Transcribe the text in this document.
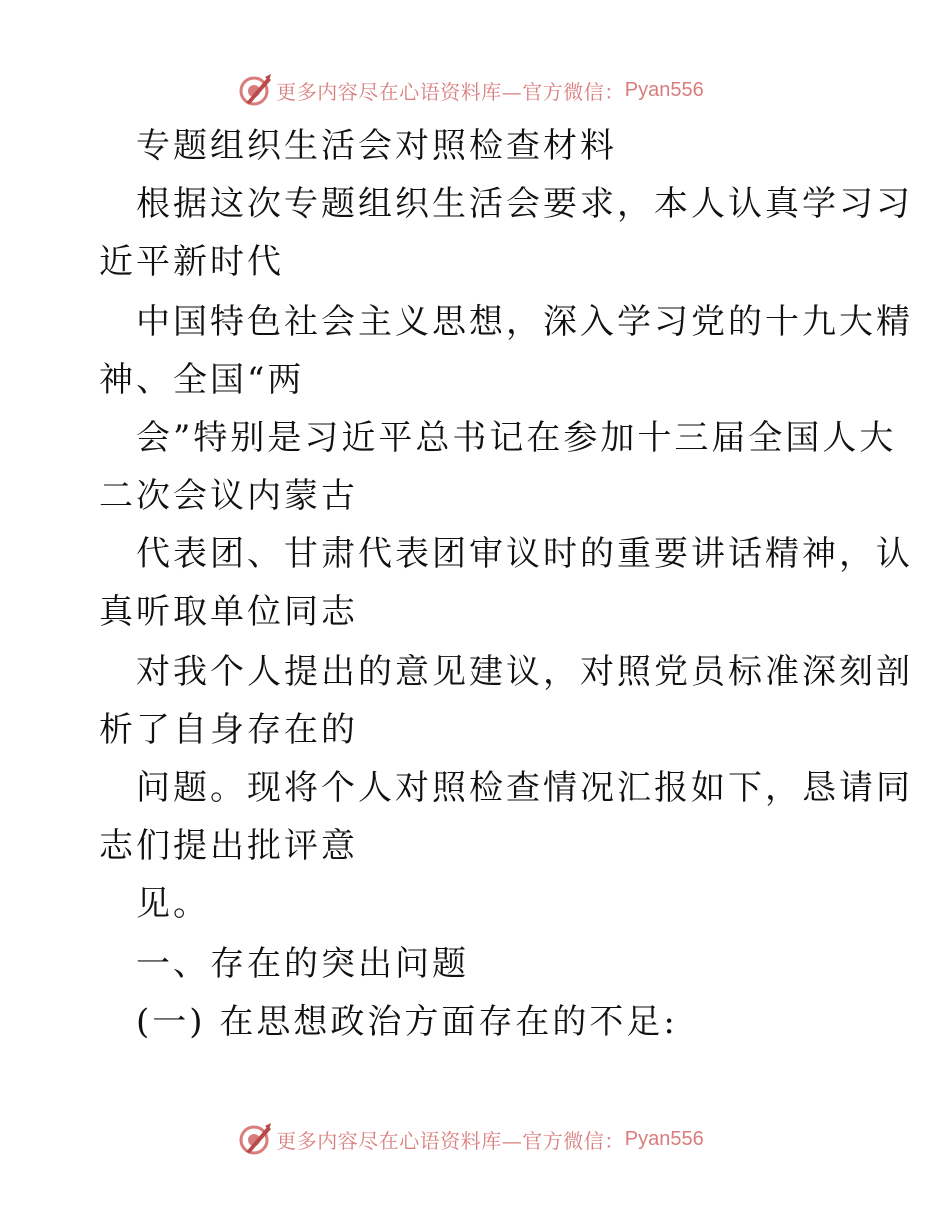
更多内容尽在心语资料库—官方微信： Pyan556
专题组织生活会对照检查材料
根据这次专题组织生活会要求，本人认真学习习
近平新时代
中国特色社会主义思想，深入学习党的十九大精
神、全国“两
会”特别是习近平总书记在参加十三届全国人大
二次会议内蒙古
代表团、甘肃代表团审议时的重要讲话精神，认
真听取单位同志
对我个人提出的意见建议，对照党员标准深刻剖
析了自身存在的
问题。现将个人对照检查情况汇报如下，恳请同
志们提出批评意
见。
一、存在的突出问题
(一) 在思想政治方面存在的不足:
更多内容尽在心语资料库—官方微信： Pyan556
